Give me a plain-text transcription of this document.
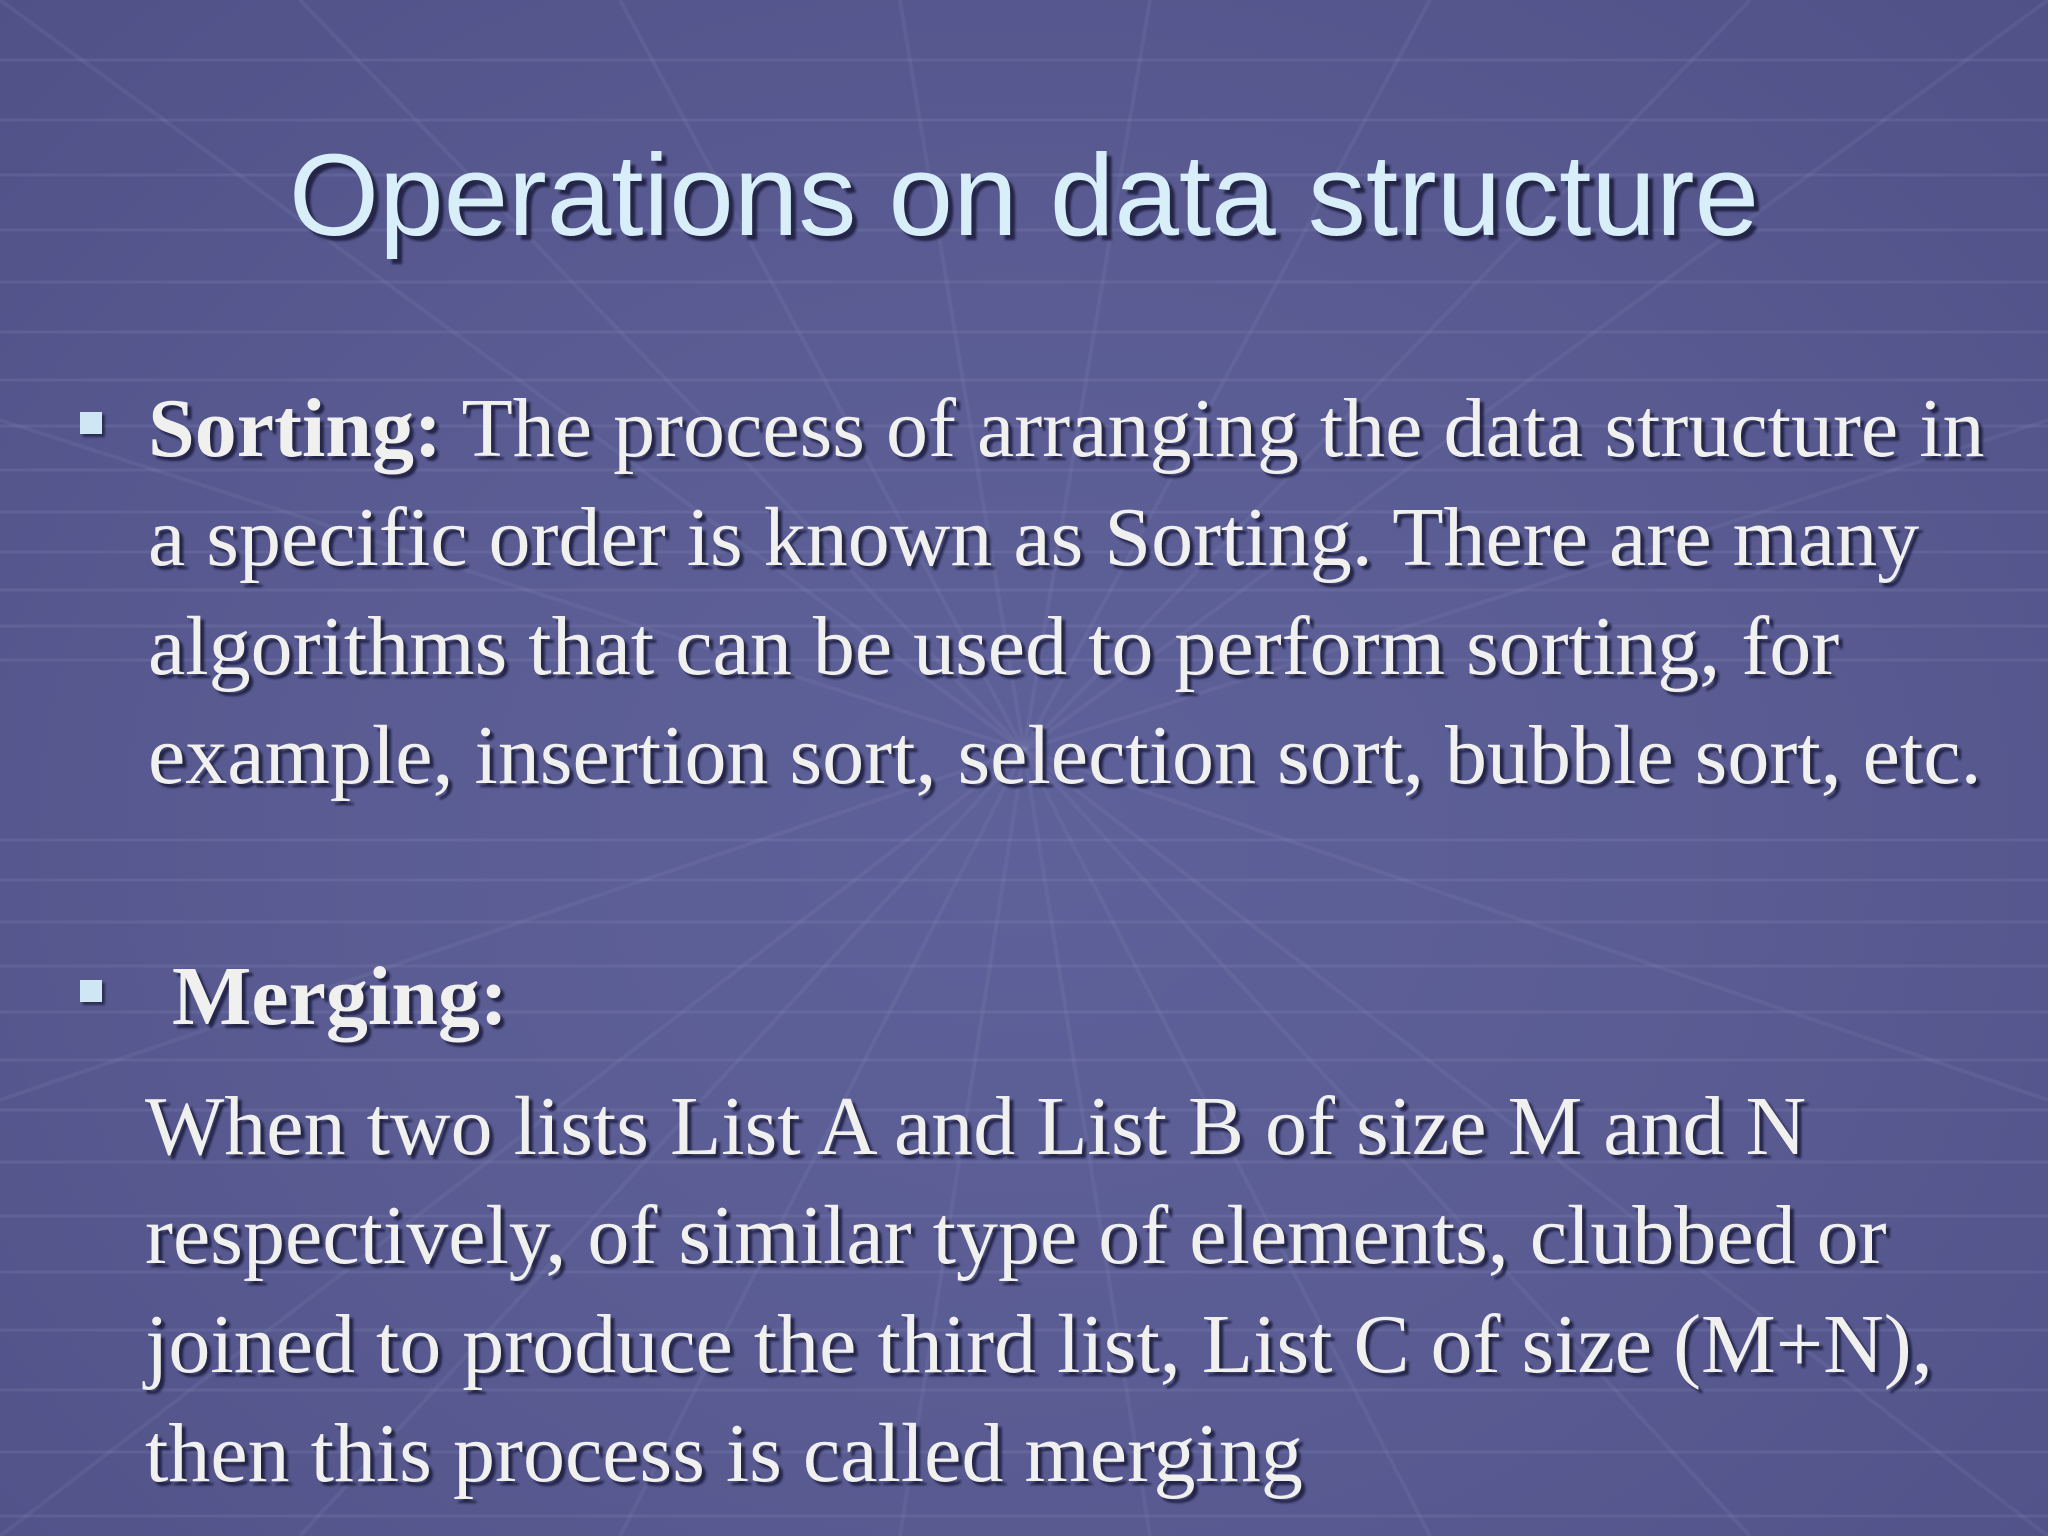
Operations on data structure

Sorting: The process of arranging the data structure in a specific order is known as Sorting. There are many algorithms that can be used to perform sorting, for example, insertion sort, selection sort, bubble sort, etc.

Merging:

When two lists List A and List B of size M and N respectively, of similar type of elements, clubbed or joined to produce the third list, List C of size (M+N), then this process is called merging
